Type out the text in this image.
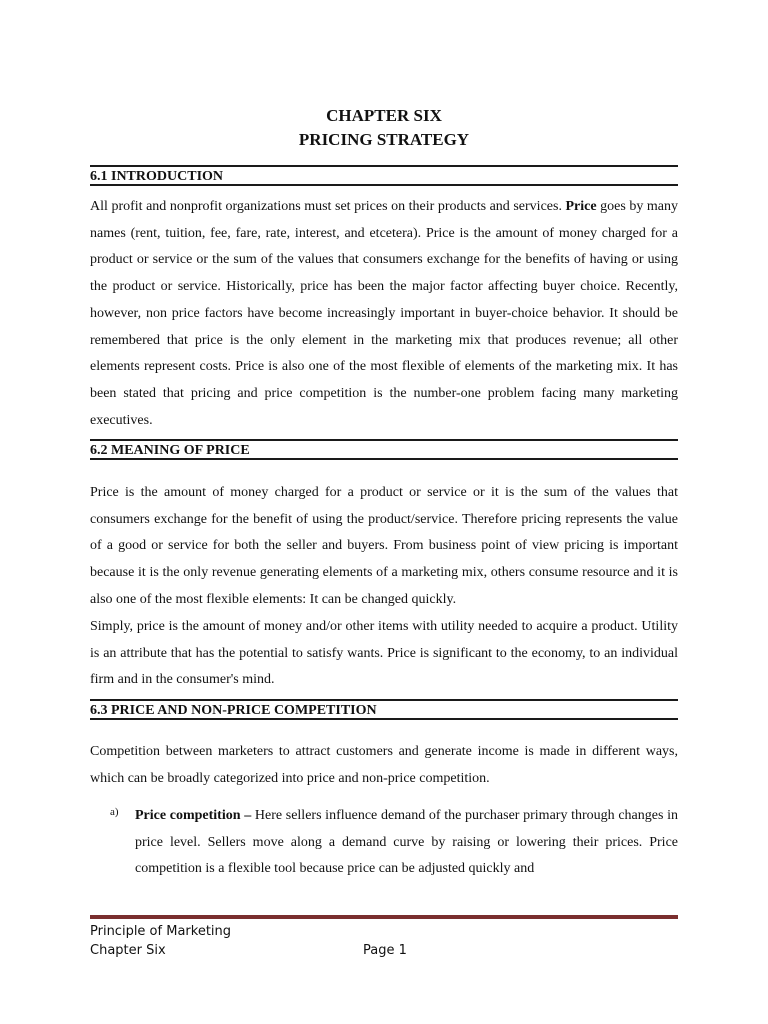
CHAPTER SIX
PRICING STRATEGY
6.1 INTRODUCTION

All profit and nonprofit organizations must set prices on their products and services. Price goes by many names (rent, tuition, fee, fare, rate, interest, and etcetera). Price is the amount of money charged for a product or service or the sum of the values that consumers exchange for the benefits of having or using the product or service. Historically, price has been the major factor affecting buyer choice. Recently, however, non price factors have become increasingly important in buyer-choice behavior. It should be remembered that price is the only element in the marketing mix that produces revenue; all other elements represent costs. Price is also one of the most flexible of elements of the marketing mix. It has been stated that pricing and price competition is the number-one problem facing many marketing executives.

6.2 MEANING OF PRICE

Price is the amount of money charged for a product or service or it is the sum of the values that consumers exchange for the benefit of using the product/service. Therefore pricing represents the value of a good or service for both the seller and buyers. From business point of view pricing is important because it is the only revenue generating elements of a marketing mix, others consume resource and it is also one of the most flexible elements: It can be changed quickly.

Simply, price is the amount of money and/or other items with utility needed to acquire a product. Utility is an attribute that has the potential to satisfy wants. Price is significant to the economy, to an individual firm and in the consumer's mind.

6.3 PRICE AND NON-PRICE COMPETITION

Competition between marketers to attract customers and generate income is made in different ways, which can be broadly categorized into price and non-price competition.

a) Price competition – Here sellers influence demand of the purchaser primary through changes in price level. Sellers move along a demand curve by raising or lowering their prices. Price competition is a flexible tool because price can be adjusted quickly and

Principle of Marketing

Chapter Six	Page 1
